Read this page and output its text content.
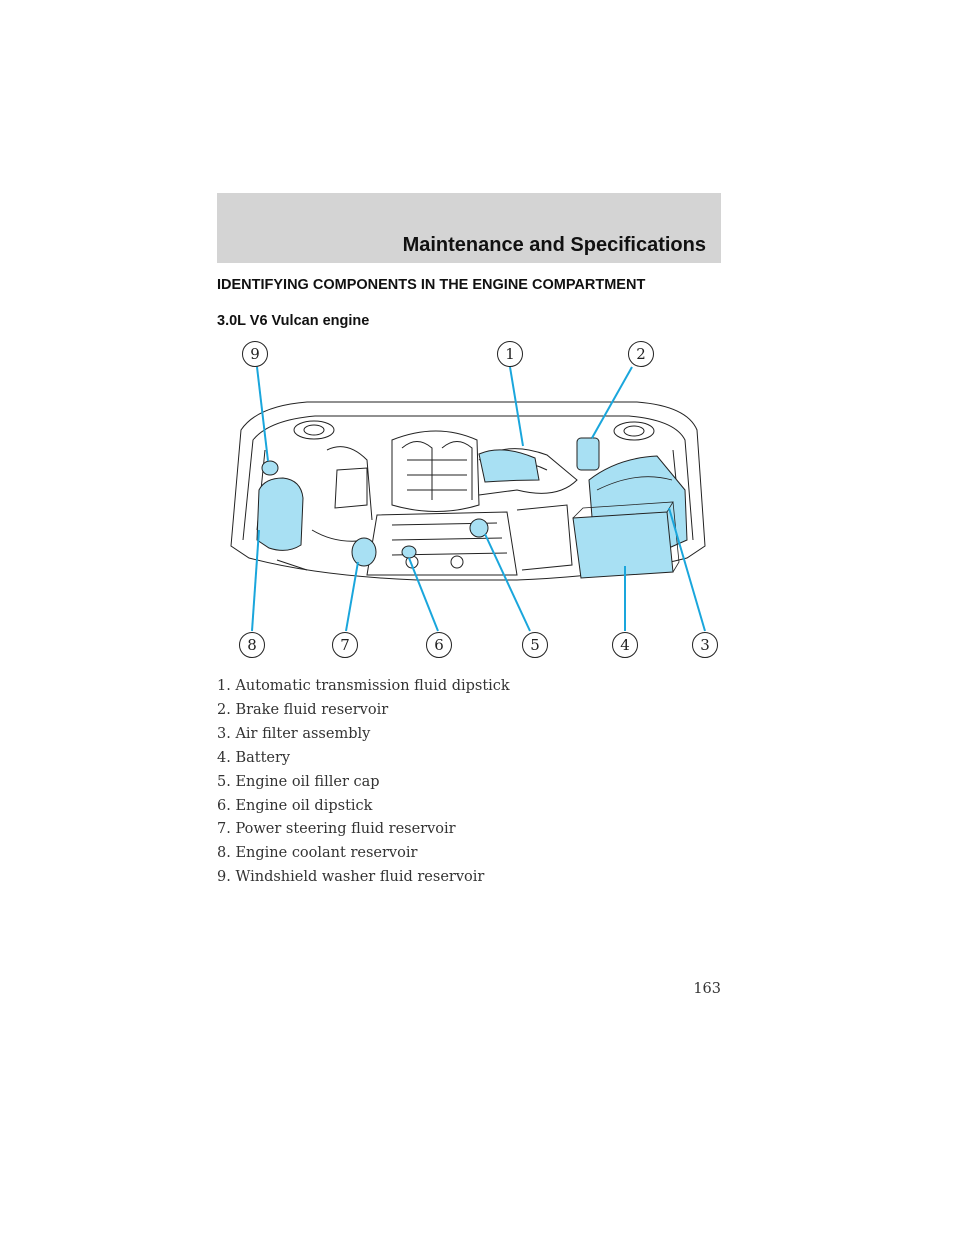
Maintenance and Specifications
IDENTIFYING COMPONENTS IN THE ENGINE COMPARTMENT
3.0L V6 Vulcan engine
9	1	2
8	7	6	5	4	3
1. Automatic transmission fluid dipstick
2. Brake fluid reservoir
3. Air filter assembly
4. Battery
5. Engine oil filler cap
6. Engine oil dipstick
7. Power steering fluid reservoir
8. Engine coolant reservoir
9. Windshield washer fluid reservoir
163
